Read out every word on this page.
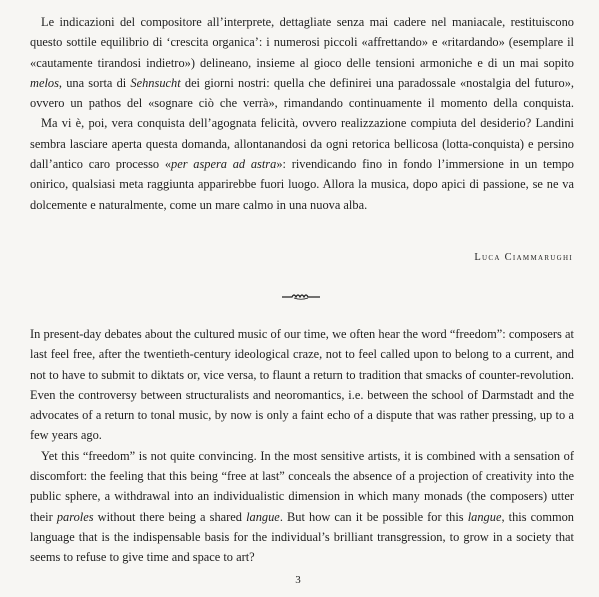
Le indicazioni del compositore all’interprete, dettagliate senza mai cadere nel maniacale, restituiscono questo sottile equilibrio di ‘crescita organica’: i numerosi piccoli «affrettando» e «ritardando» (esemplare il «cautamente tirandosi indietro») delineano, insieme al gioco delle tensioni armoniche e di un mai sopito melos, una sorta di Sehnsucht dei giorni nostri: quella che definirei una paradossale «nostalgia del futuro», ovvero un pathos del «sognare ciò che verrà», rimandando continuamente il momento della conquista.

Ma vi è, poi, vera conquista dell’agognata felicità, ovvero realizzazione compiuta del desiderio? Landini sembra lasciare aperta questa domanda, allontanandosi da ogni retorica bellicosa (lotta-conquista) e persino dall’antico caro processo «per aspera ad astra»: rivendicando fino in fondo l’immersione in un tempo onirico, qualsiasi meta raggiunta apparirebbe fuori luogo. Allora la musica, dopo apici di passione, se ne va dolcemente e naturalmente, come un mare calmo in una nuova alba.

Luca Ciammarughi

In present-day debates about the cultured music of our time, we often hear the word “freedom”: composers at last feel free, after the twentieth-century ideological craze, not to feel called upon to belong to a current, and not to have to submit to diktats or, vice versa, to flaunt a return to tradition that smacks of counter-revolution. Even the controversy between structuralists and neoromantics, i.e. between the school of Darmstadt and the advocates of a return to tonal music, by now is only a faint echo of a dispute that was rather pressing, up to a few years ago.

Yet this “freedom” is not quite convincing. In the most sensitive artists, it is combined with a sensation of discomfort: the feeling that this being “free at last” conceals the absence of a projection of creativity into the public sphere, a withdrawal into an individualistic dimension in which many monads (the composers) utter their paroles without there being a shared langue. But how can it be possible for this langue, this common language that is the indispensable basis for the individual’s brilliant transgression, to grow in a society that seems to refuse to give time and space to art?

3
